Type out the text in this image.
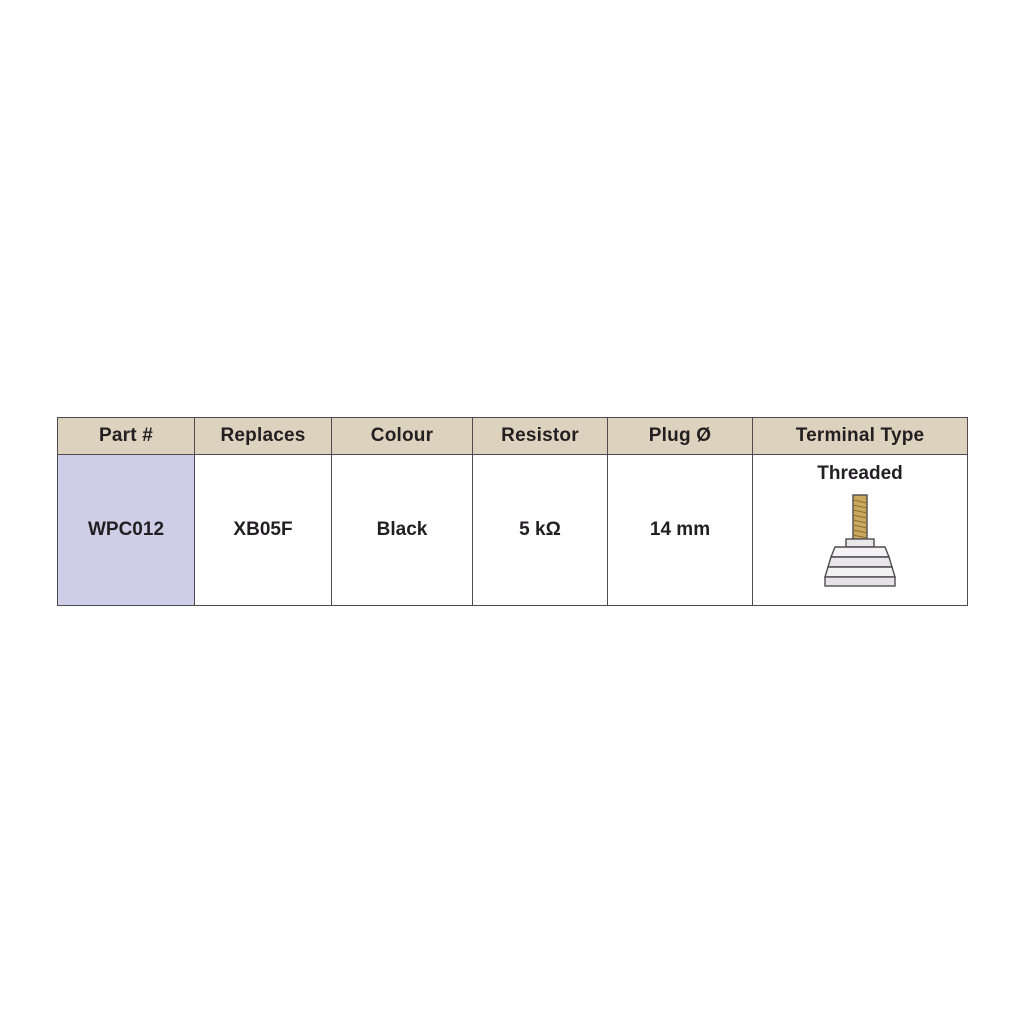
Part #	Replaces	Colour	Resistor	Plug Ø	Terminal Type
WPC012	XB05F	Black	5 kΩ	14 mm	Threaded
